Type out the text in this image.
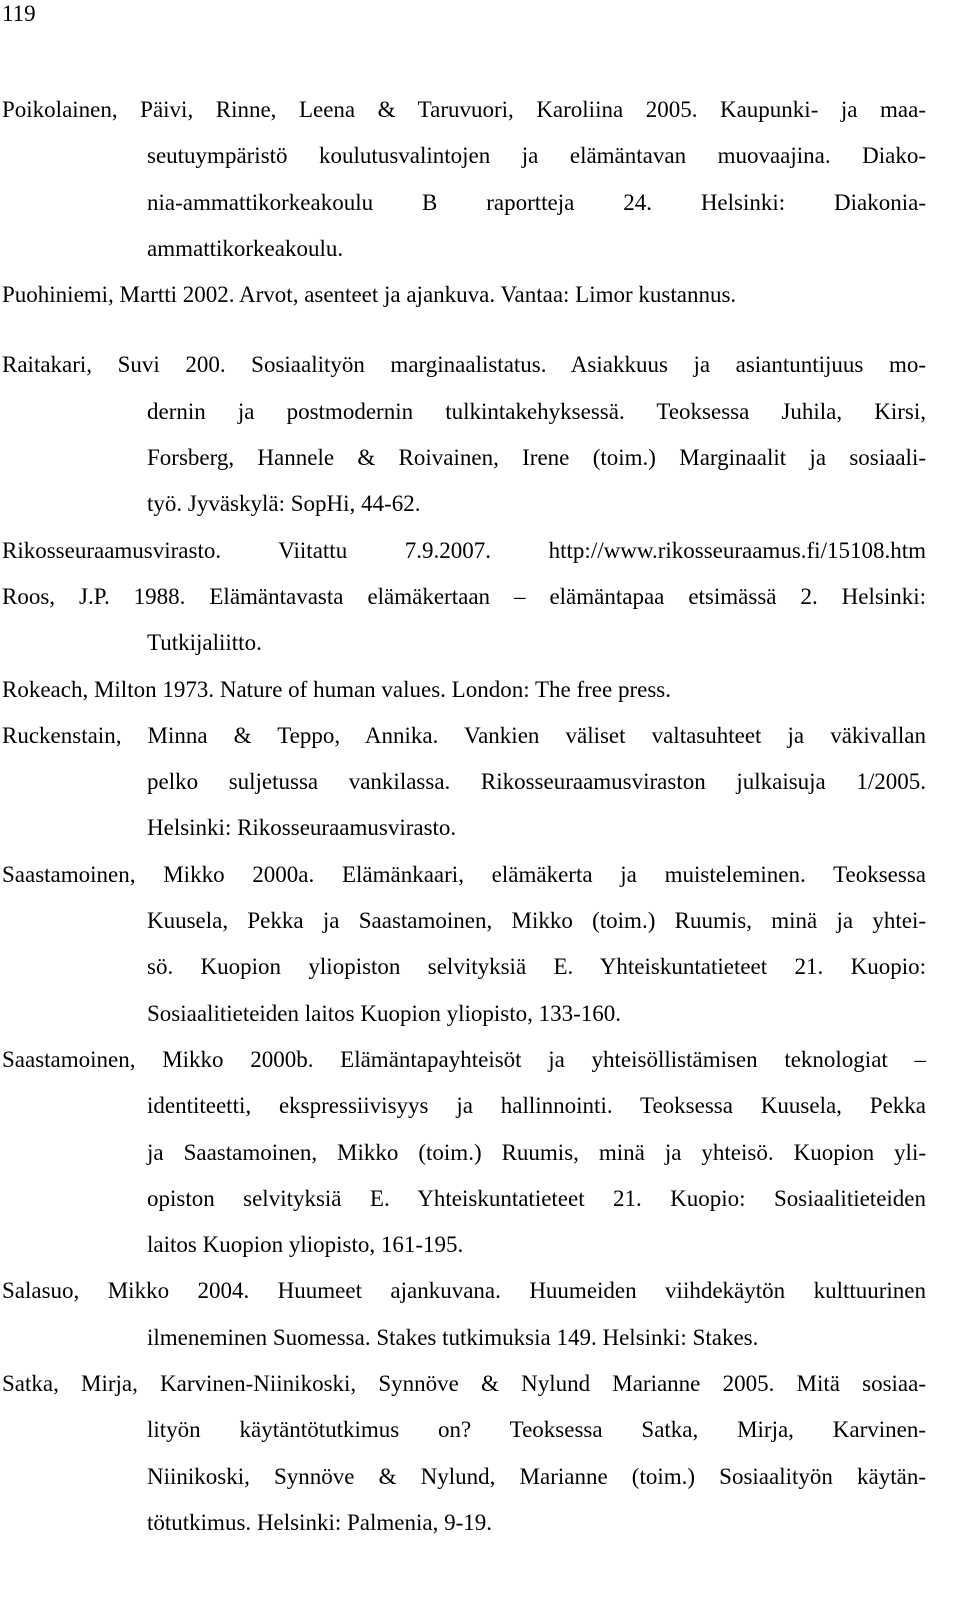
119
Poikolainen, Päivi, Rinne, Leena & Taruvuori, Karoliina 2005. Kaupunki- ja maa-
seutuympäristö koulutusvalintojen ja elämäntavan muovaajina. Diako-
nia-ammattikorkeakoulu B raportteja 24. Helsinki: Diakonia-
ammattikorkeakoulu.
Puohiniemi, Martti 2002. Arvot, asenteet ja ajankuva. Vantaa: Limor kustannus.
Raitakari, Suvi 200. Sosiaalityön marginaalistatus. Asiakkuus ja asiantuntijuus mo-
dernin ja postmodernin tulkintakehyksessä. Teoksessa Juhila, Kirsi,
Forsberg, Hannele & Roivainen, Irene (toim.) Marginaalit ja sosiaali-
työ. Jyväskylä: SopHi, 44-62.
Rikosseuraamusvirasto. Viitattu 7.9.2007. http://www.rikosseuraamus.fi/15108.htm
Roos, J.P. 1988. Elämäntavasta elämäkertaan – elämäntapaa etsimässä 2. Helsinki:
Tutkijaliitto.
Rokeach, Milton 1973. Nature of human values. London: The free press.
Ruckenstain, Minna & Teppo, Annika. Vankien väliset valtasuhteet ja väkivallan
pelko suljetussa vankilassa. Rikosseuraamusviraston julkaisuja 1/2005.
Helsinki: Rikosseuraamusvirasto.
Saastamoinen, Mikko 2000a. Elämänkaari, elämäkerta ja muisteleminen. Teoksessa
Kuusela, Pekka ja Saastamoinen, Mikko (toim.) Ruumis, minä ja yhtei-
sö. Kuopion yliopiston selvityksiä E. Yhteiskuntatieteet 21. Kuopio:
Sosiaalitieteiden laitos Kuopion yliopisto, 133-160.
Saastamoinen, Mikko 2000b. Elämäntapayhteisöt ja yhteisöllistämisen teknologiat –
identiteetti, ekspressiivisyys ja hallinnointi. Teoksessa Kuusela, Pekka
ja Saastamoinen, Mikko (toim.) Ruumis, minä ja yhteisö. Kuopion yli-
opiston selvityksiä E. Yhteiskuntatieteet 21. Kuopio: Sosiaalitieteiden
laitos Kuopion yliopisto, 161-195.
Salasuo, Mikko 2004. Huumeet ajankuvana. Huumeiden viihdekäytön kulttuurinen
ilmeneminen Suomessa. Stakes tutkimuksia 149. Helsinki: Stakes.
Satka, Mirja, Karvinen-Niinikoski, Synnöve & Nylund Marianne 2005. Mitä sosiaa-
lityön käytäntötutkimus on? Teoksessa Satka, Mirja, Karvinen-
Niinikoski, Synnöve & Nylund, Marianne (toim.) Sosiaalityön käytän-
tötutkimus. Helsinki: Palmenia, 9-19.
